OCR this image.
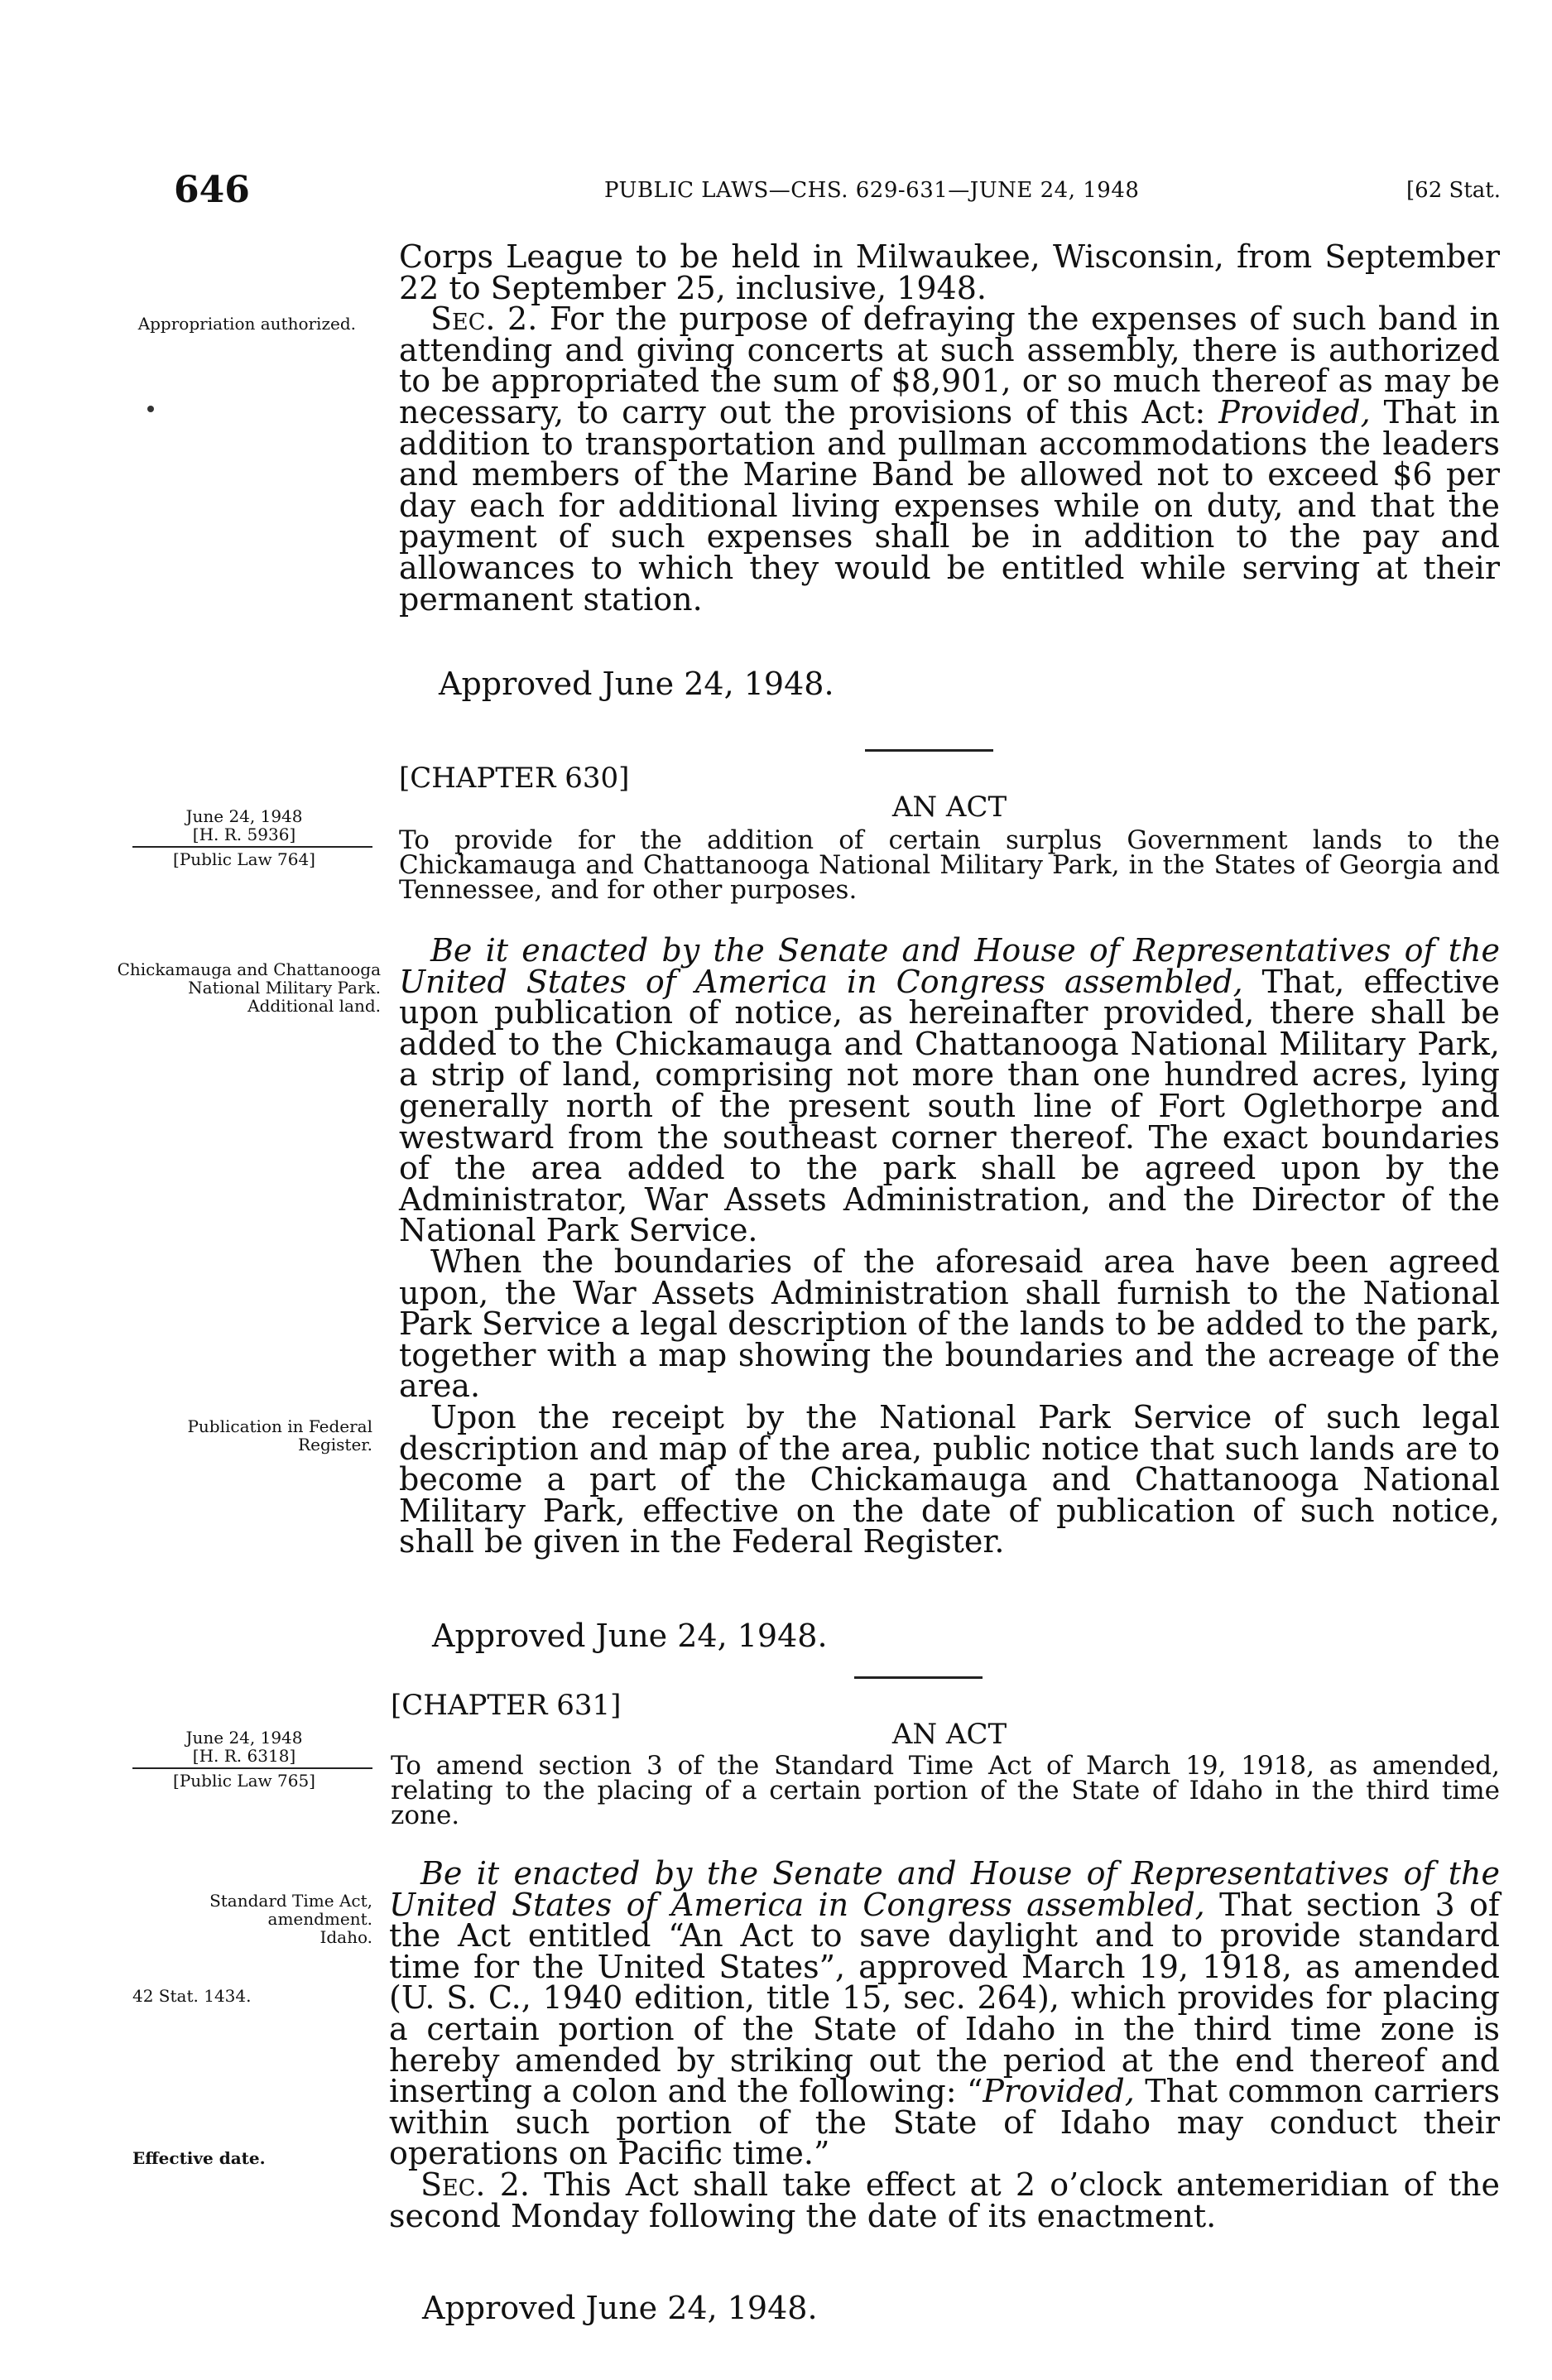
646	PUBLIC LAWS—CHS. 629-631—JUNE 24, 1948	[62 Stat.

Corps League to be held in Milwaukee, Wisconsin, from September 22 to September 25, inclusive, 1948.

Sec. 2. For the purpose of defraying the expenses of such band in attending and giving concerts at such assembly, there is authorized to be appropriated the sum of $8,901, or so much thereof as may be necessary, to carry out the provisions of this Act: Provided, That in addition to transportation and pullman accommodations the leaders and members of the Marine Band be allowed not to exceed $6 per day each for additional living expenses while on duty, and that the payment of such expenses shall be in addition to the pay and allowances to which they would be entitled while serving at their permanent station.

Approved June 24, 1948.
Appropriation authorized.
[CHAPTER 630]
AN ACT

To provide for the addition of certain surplus Government lands to the Chickamauga and Chattanooga National Military Park, in the States of Georgia and Tennessee, and for other purposes.

June 24, 1948
[H. R. 5936]
[Public Law 764]

Be it enacted by the Senate and House of Representatives of the United States of America in Congress assembled, That, effective upon publication of notice, as hereinafter provided, there shall be added to the Chickamauga and Chattanooga National Military Park, a strip of land, comprising not more than one hundred acres, lying generally north of the present south line of Fort Oglethorpe and westward from the southeast corner thereof. The exact boundaries of the area added to the park shall be agreed upon by the Administrator, War Assets Administration, and the Director of the National Park Service.

When the boundaries of the aforesaid area have been agreed upon, the War Assets Administration shall furnish to the National Park Service a legal description of the lands to be added to the park, together with a map showing the boundaries and the acreage of the area.

Upon the receipt by the National Park Service of such legal description and map of the area, public notice that such lands are to become a part of the Chickamauga and Chattanooga National Military Park, effective on the date of publication of such notice, shall be given in the Federal Register.

Approved June 24, 1948.
Chickamauga and Chattanooga National Military Park.
Additional land.
Publication in Federal Register.
[CHAPTER 631]
AN ACT

To amend section 3 of the Standard Time Act of March 19, 1918, as amended, relating to the placing of a certain portion of the State of Idaho in the third time zone.

June 24, 1948
[H. R. 6318]
[Public Law 765]

Be it enacted by the Senate and House of Representatives of the United States of America in Congress assembled, That section 3 of the Act entitled “An Act to save daylight and to provide standard time for the United States”, approved March 19, 1918, as amended (U. S. C., 1940 edition, title 15, sec. 264), which provides for placing a certain portion of the State of Idaho in the third time zone is hereby amended by striking out the period at the end thereof and inserting a colon and the following: “Provided, That common carriers within such portion of the State of Idaho may conduct their operations on Pacific time.”

Sec. 2. This Act shall take effect at 2 o’clock antemeridian of the second Monday following the date of its enactment.

Approved June 24, 1948.
Standard Time Act, amendment.
Idaho.
42 Stat. 1434.
Effective date.
